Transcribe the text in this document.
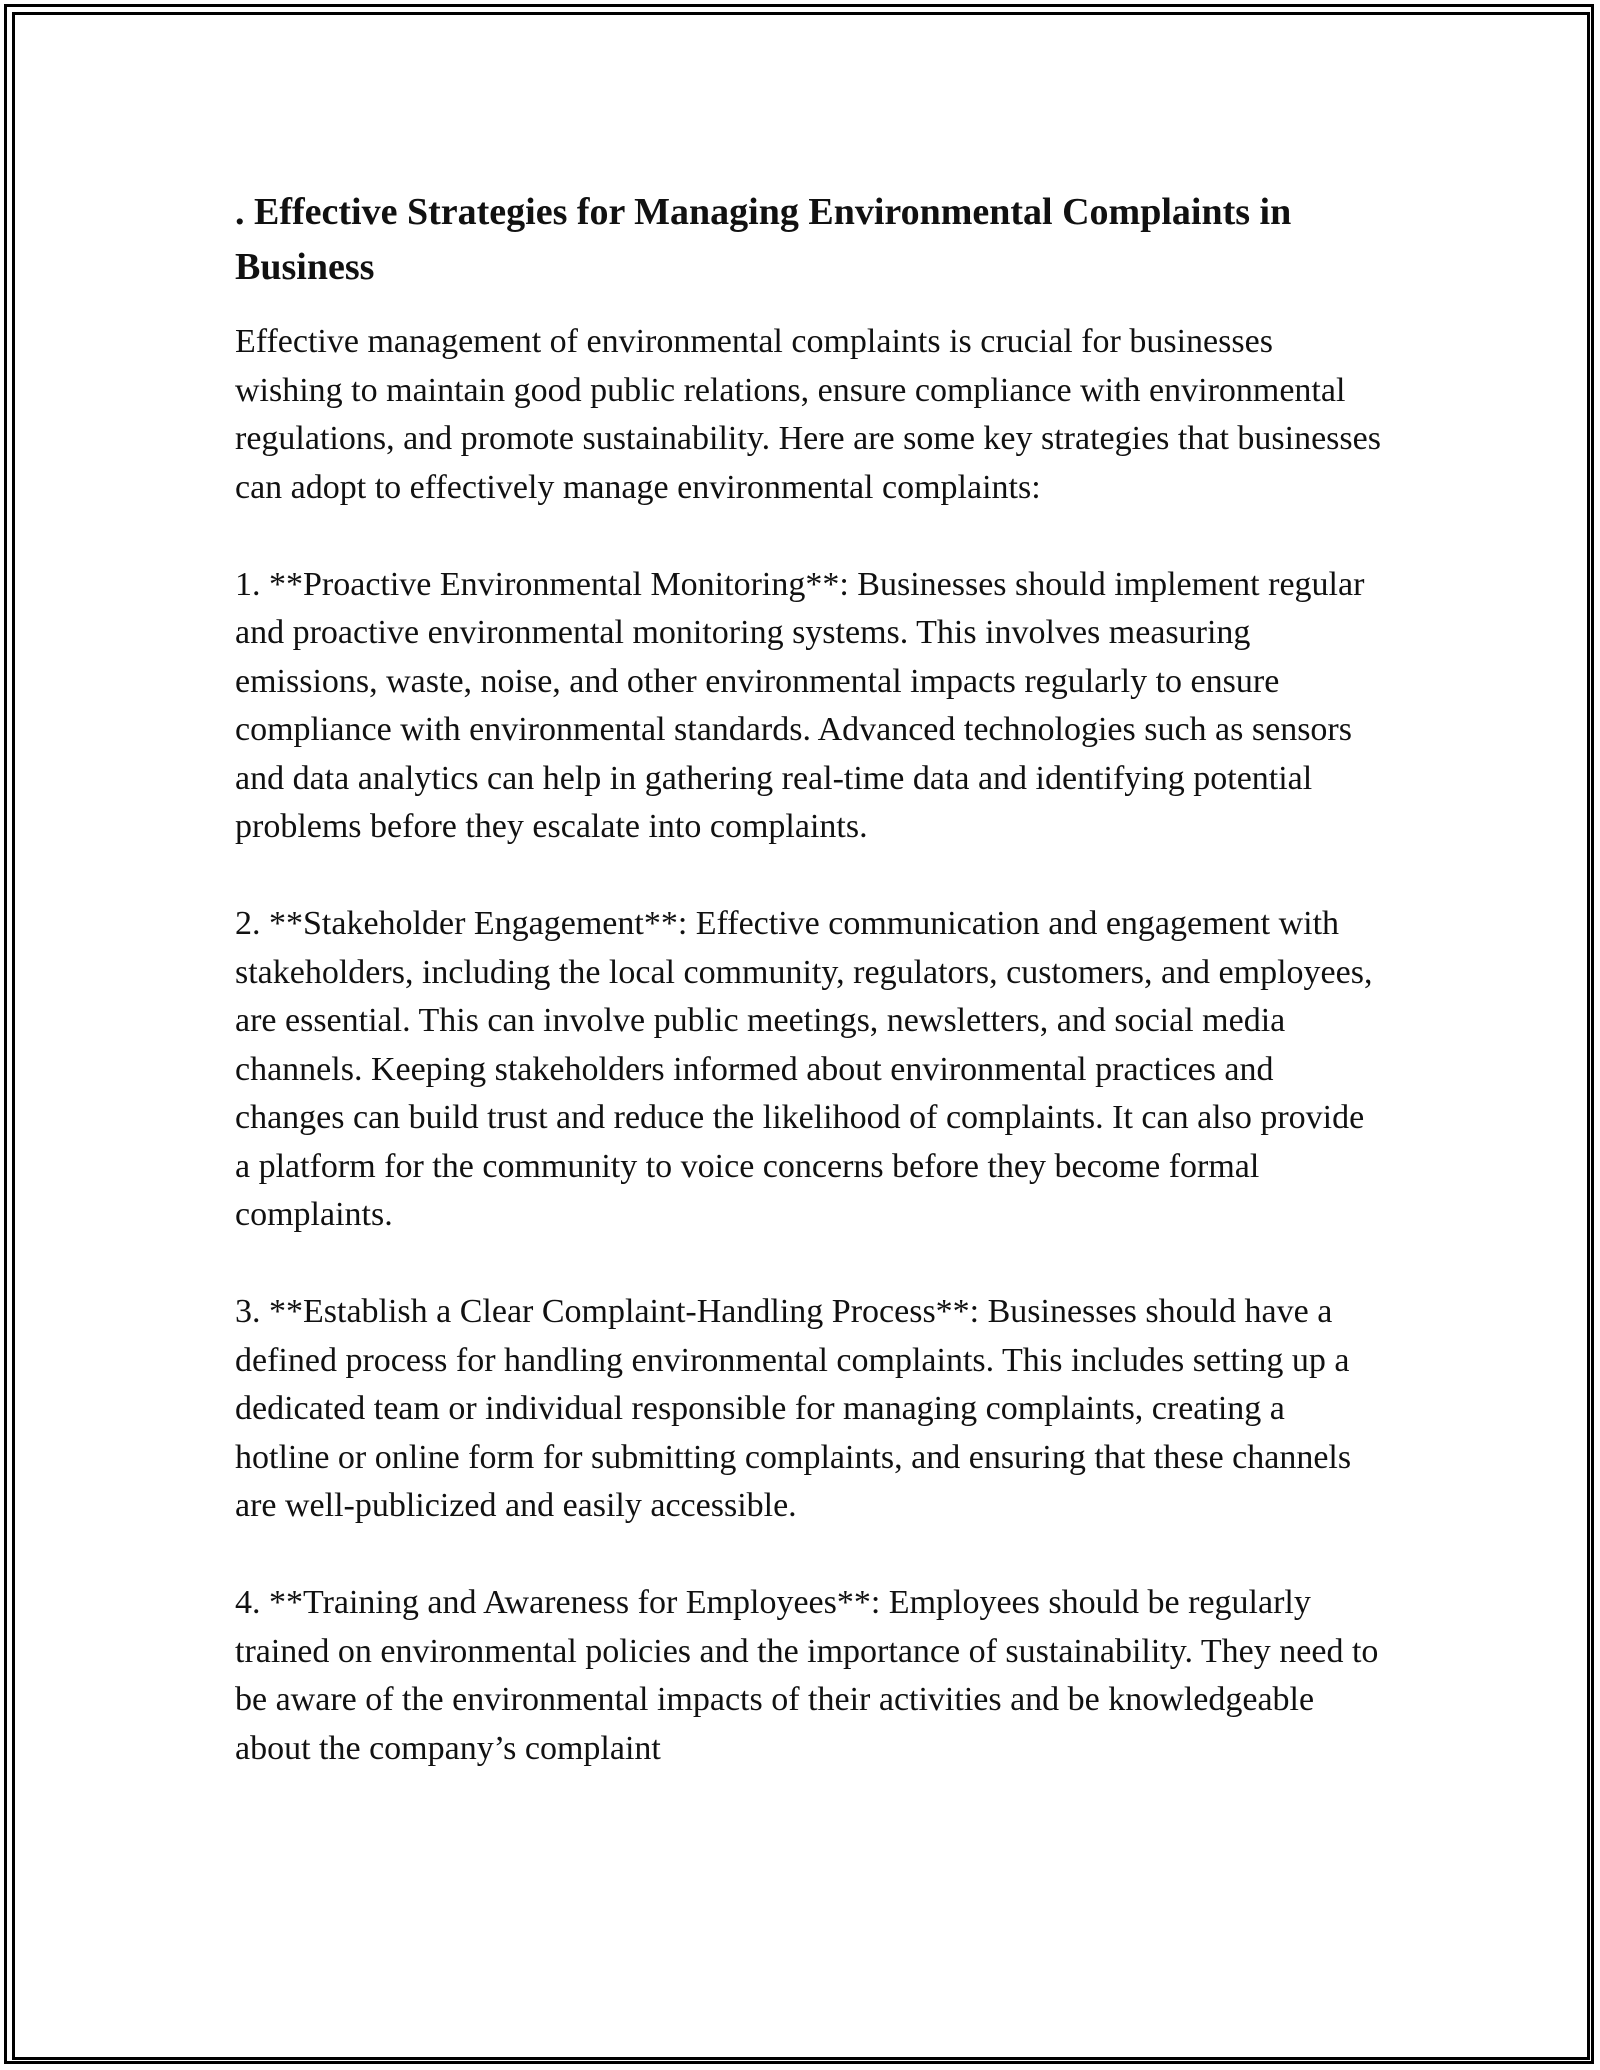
. Effective Strategies for Managing Environmental Complaints in Business

Effective management of environmental complaints is crucial for businesses wishing to maintain good public relations, ensure compliance with environmental regulations, and promote sustainability. Here are some key strategies that businesses can adopt to effectively manage environmental complaints:

1. **Proactive Environmental Monitoring**: Businesses should implement regular and proactive environmental monitoring systems. This involves measuring emissions, waste, noise, and other environmental impacts regularly to ensure compliance with environmental standards. Advanced technologies such as sensors and data analytics can help in gathering real-time data and identifying potential problems before they escalate into complaints.

2. **Stakeholder Engagement**: Effective communication and engagement with stakeholders, including the local community, regulators, customers, and employees, are essential. This can involve public meetings, newsletters, and social media channels. Keeping stakeholders informed about environmental practices and changes can build trust and reduce the likelihood of complaints. It can also provide a platform for the community to voice concerns before they become formal complaints.

3. **Establish a Clear Complaint-Handling Process**: Businesses should have a defined process for handling environmental complaints. This includes setting up a dedicated team or individual responsible for managing complaints, creating a hotline or online form for submitting complaints, and ensuring that these channels are well-publicized and easily accessible.

4. **Training and Awareness for Employees**: Employees should be regularly trained on environmental policies and the importance of sustainability. They need to be aware of the environmental impacts of their activities and be knowledgeable about the company’s complaint
